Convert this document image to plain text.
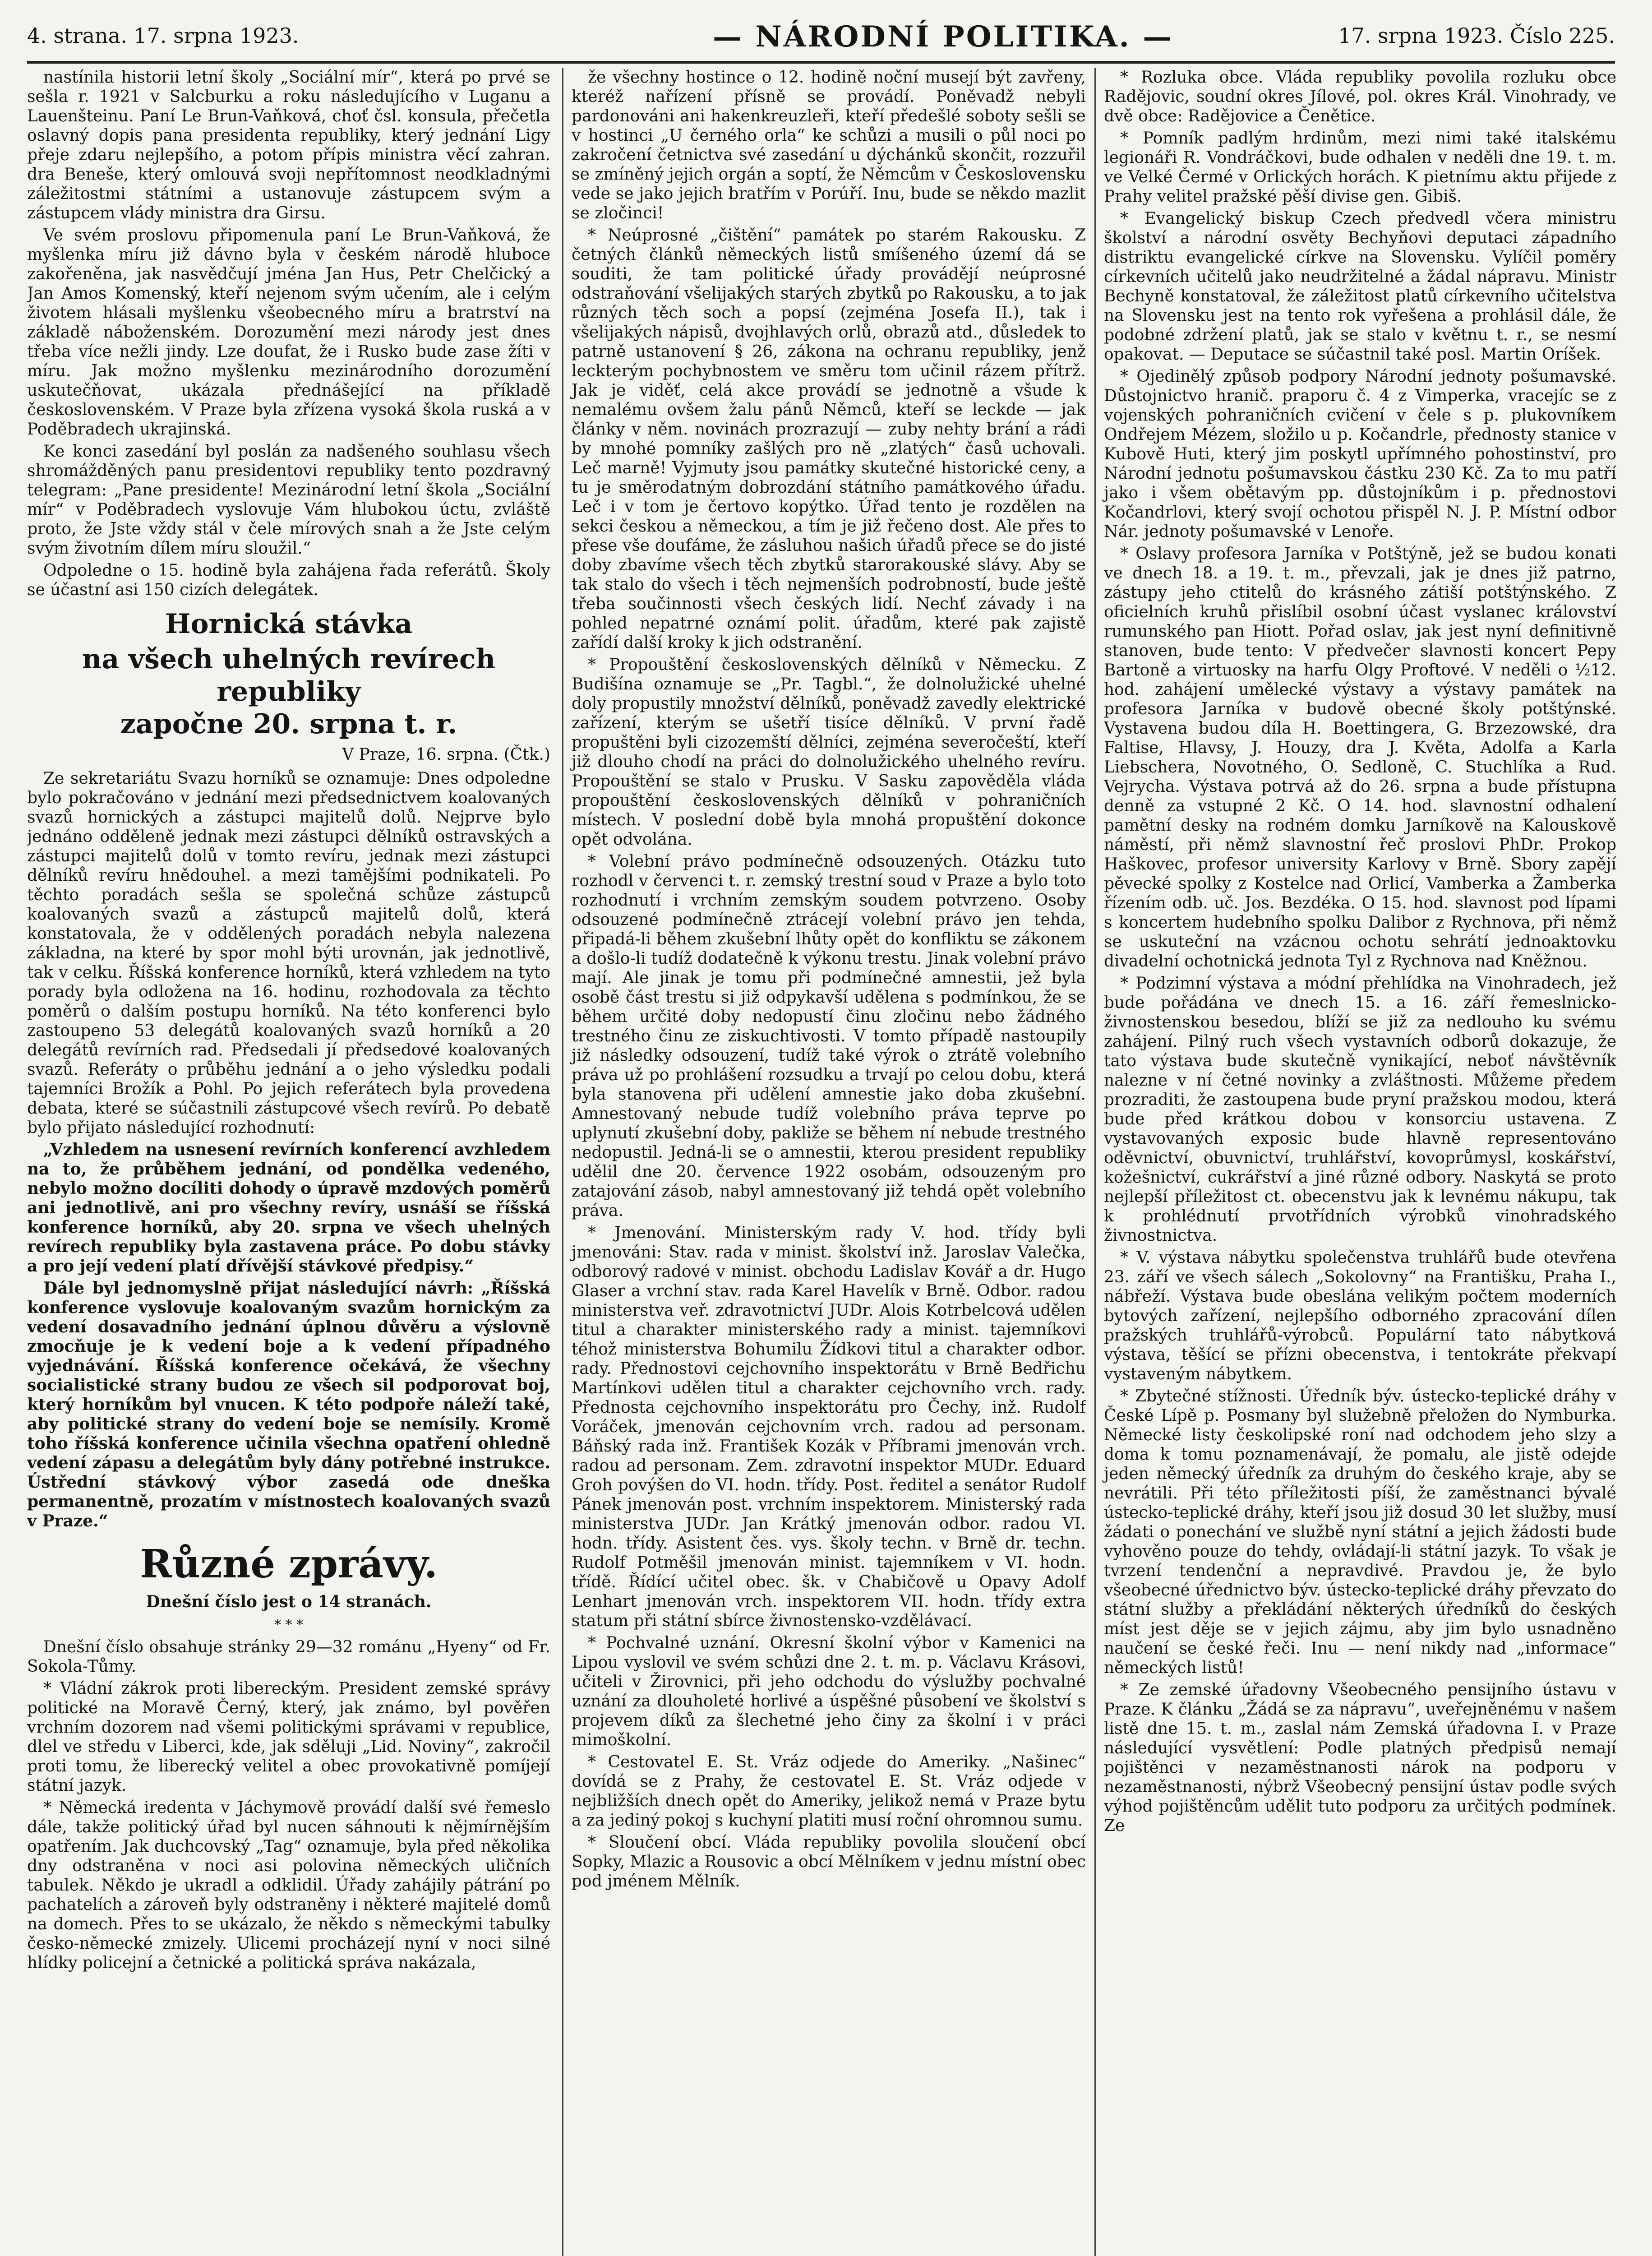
4. strana. 17. srpna 1923.	— NÁRODNÍ POLITIKA. —	17. srpna 1923. Číslo 225.

nastínila historii letní školy „Sociální mír“, která po prvé se sešla r. 1921 v Salcburku a roku následujícího v Luganu a Lauenšteinu. Paní Le Brun-Vaňková, choť čsl. konsula, přečetla oslavný dopis pana presidenta republiky, který jednání Ligy přeje zdaru nejlepšího, a potom přípis ministra věcí zahran. dra Beneše, který omlouvá svoji nepřítomnost neodkladnými záležitostmi státními a ustanovuje zástupcem svým a zástupcem vlády ministra dra Girsu.

Ve svém proslovu připomenula paní Le Brun-Vaňková, že myšlenka míru již dávno byla v českém národě hluboce zakořeněna, jak nasvědčují jména Jan Hus, Petr Chelčický a Jan Amos Komenský, kteří nejenom svým učením, ale i celým životem hlásali myšlenku všeobecného míru a bratrství na základě náboženském. Dorozumění mezi národy jest dnes třeba více nežli jindy. Lze doufat, že i Rusko bude zase žíti v míru. Jak možno myšlenku mezinárodního dorozumění uskutečňovat, ukázala přednášející na příkladě československém. V Praze byla zřízena vysoká škola ruská a v Poděbradech ukrajinská.

Ke konci zasedání byl poslán za nadšeného souhlasu všech shromážděných panu presidentovi republiky tento pozdravný telegram: „Pane presidente! Mezinárodní letní škola „Sociální mír“ v Poděbradech vyslovuje Vám hlubokou úctu, zvláště proto, že Jste vždy stál v čele mírových snah a že Jste celým svým životním dílem míru sloužil.“

Odpoledne o 15. hodině byla zahájena řada referátů. Školy se účastní asi 150 cizích delegátek.

Hornická stávka
na všech uhelných revírech republiky
započne 20. srpna t. r.
V Praze, 16. srpna. (Čtk.)

Ze sekretariátu Svazu horníků se oznamuje: Dnes odpoledne bylo pokračováno v jednání mezi předsednictvem koalovaných svazů hornických a zástupci majitelů dolů. Nejprve bylo jednáno odděleně jednak mezi zástupci dělníků ostravských a zástupci majitelů dolů v tomto revíru, jednak mezi zástupci dělníků revíru hnědouhel. a mezi tamějšími podnikateli. Po těchto poradách sešla se společná schůze zástupců koalovaných svazů a zástupců majitelů dolů, která konstatovala, že v oddělených poradách nebyla nalezena základna, na které by spor mohl býti urovnán, jak jednotlivě, tak v celku. Říšská konference horníků, která vzhledem na tyto porady byla odložena na 16. hodinu, rozhodovala za těchto poměrů o dalším postupu horníků. Na této konferenci bylo zastoupeno 53 delegátů koalovaných svazů horníků a 20 delegátů revírních rad. Předsedali jí předsedové koalovaných svazů. Referáty o průběhu jednání a o jeho výsledku podali tajemníci Brožík a Pohl. Po jejich referátech byla provedena debata, které se súčastnili zástupcové všech revírů. Po debatě bylo přijato následující rozhodnutí:

„Vzhledem na usnesení revírních konferencí avzhledem na to, že průběhem jednání, od pondělka vedeného, nebylo možno docíliti dohody o úpravě mzdových poměrů ani jednotlivě, ani pro všechny revíry, usnáší se říšská konference horníků, aby 20. srpna ve všech uhelných revírech republiky byla zastavena práce. Po dobu stávky a pro její vedení platí dřívější stávkové předpisy.“

Dále byl jednomyslně přijat následující návrh: „Říšská konference vyslovuje koalovaným svazům hornickým za vedení dosavadního jednání úplnou důvěru a výslovně zmocňuje je k vedení boje a k vedení případného vyjednávání. Říšská konference očekává, že všechny socialistické strany budou ze všech sil podporovat boj, který horníkům byl vnucen. K této podpoře náleží také, aby politické strany do vedení boje se nemísily. Kromě toho říšská konference učinila všechna opatření ohledně vedení zápasu a delegátům byly dány potřebné instrukce. Ústřední stávkový výbor zasedá ode dneška permanentně, prozatím v místnostech koalovaných svazů v Praze.“

Různé zprávy.
Dnešní číslo jest o 14 stranách.
* * *

Dnešní číslo obsahuje stránky 29—32 románu „Hyeny“ od Fr. Sokola-Tůmy.

* Vládní zákrok proti libereckým. President zemské správy politické na Moravě Černý, který, jak známo, byl pověřen vrchním dozorem nad všemi politickými správami v republice, dlel ve středu v Liberci, kde, jak sděluji „Lid. Noviny“, zakročil proti tomu, že liberecký velitel a obec provokativně pomíjejí státní jazyk.

* Německá iredenta v Jáchymově provádí další své řemeslo dále, takže politický úřad byl nucen sáhnouti k nějmírnějším opatřením. Jak duchcovský „Tag“ oznamuje, byla před několika dny odstraněna v noci asi polovina německých uličních tabulek. Někdo je ukradl a odklidil. Úřady zahájily pátrání po pachatelích a zároveň byly odstraněny i některé majitelé domů na domech. Přes to se ukázalo, že někdo s německými tabulky česko-německé zmizely. Ulicemi procházejí nyní v noci silné hlídky policejní a četnické a politická správa nakázala,

že všechny hostince o 12. hodině noční musejí být zavřeny, kteréž nařízení přísně se provádí. Poněvadž nebyli pardonováni ani hakenkreuzleři, kteří předešlé soboty sešli se v hostinci „U černého orla“ ke schůzi a musili o půl noci po zakročení četnictva své zasedání u dýchánků skončit, rozzuřil se zmíněný jejich orgán a soptí, že Němcům v Československu vede se jako jejich bratřím v Porúří. Inu, bude se někdo mazlit se zločinci!

* Neúprosné „čištění“ památek po starém Rakousku. Z četných článků německých listů smíšeného území dá se souditi, že tam politické úřady provádějí neúprosné odstraňování všelijakých starých zbytků po Rakousku, a to jak různých těch soch a popsí (zejména Josefa II.), tak i všelijakých nápisů, dvojhlavých orlů, obrazů atd., důsledek to patrně ustanovení § 26, zákona na ochranu republiky, jenž leckterým pochybnostem ve směru tom učinil rázem přítrž. Jak je viděť, celá akce provádí se jednotně a všude k nemalému ovšem žalu pánů Němců, kteří se leckde — jak články v něm. novinách prozrazují — zuby nehty brání a rádi by mnohé pomníky zašlých pro ně „zlatých“ časů uchovali. Leč marně! Vyjmuty jsou památky skutečné historické ceny, a tu je směrodatným dobrozdání státního památkového úřadu. Leč i v tom je čertovo kopýtko. Úřad tento je rozdělen na sekci českou a německou, a tím je již řečeno dost. Ale přes to přese vše doufáme, že zásluhou našich úřadů přece se do jisté doby zbavíme všech těch zbytků starorakouské slávy. Aby se tak stalo do všech i těch nejmenších podrobností, bude ještě třeba součinnosti všech českých lidí. Nechť závady i na pohled nepatrné oznámí polit. úřadům, které pak zajistě zařídí další kroky k jich odstranění.

* Propouštění československých dělníků v Německu. Z Budišína oznamuje se „Pr. Tagbl.“, že dolnolužické uhelné doly propustily množství dělníků, poněvadž zavedly elektrické zařízení, kterým se ušetří tisíce dělníků. V první řadě propuštěni byli cizozemští dělníci, zejména severočeští, kteří již dlouho chodí na práci do dolnolužického uhelného revíru. Propouštění se stalo v Prusku. V Sasku zapověděla vláda propouštění československých dělníků v pohraničních místech. V poslední době byla mnohá propuštění dokonce opět odvolána.

* Volební právo podmínečně odsouzených. Otázku tuto rozhodl v červenci t. r. zemský trestní soud v Praze a bylo toto rozhodnutí i vrchním zemským soudem potvrzeno. Osoby odsouzené podmínečně ztrácejí volební právo jen tehda, připadá-li během zkušební lhůty opět do konfliktu se zákonem a došlo-li tudíž dodatečně k výkonu trestu. Jinak volební právo mají. Ale jinak je tomu při podmínečné amnestii, jež byla osobě část trestu si již odpykavší udělena s podmínkou, že se během určité doby nedopustí činu zločinu nebo žádného trestného činu ze ziskuchtivosti. V tomto případě nastoupily již následky odsouzení, tudíž také výrok o ztrátě volebního práva už po prohlášení rozsudku a trvají po celou dobu, která byla stanovena při udělení amnestie jako doba zkušební. Amnestovaný nebude tudíž volebního práva teprve po uplynutí zkušební doby, pakliže se během ní nebude trestného nedopustil. Jedná-li se o amnestii, kterou president republiky udělil dne 20. července 1922 osobám, odsouzeným pro zatajování zásob, nabyl amnestovaný již tehdá opět volebního práva.

* Jmenování. Ministerským rady V. hod. třídy byli jmenováni: Stav. rada v minist. školství inž. Jaroslav Valečka, odborový radové v minist. obchodu Ladislav Kovář a dr. Hugo Glaser a vrchní stav. rada Karel Havelík v Brně. Odbor. radou ministerstva veř. zdravotnictví JUDr. Alois Kotrbelcová udělen titul a charakter ministerského rady a minist. tajemníkovi téhož ministerstva Bohumilu Žídkovi titul a charakter odbor. rady. Přednostovi cejchovního inspektorátu v Brně Bedřichu Martínkovi udělen titul a charakter cejchovního vrch. rady. Přednosta cejchovního inspektorátu pro Čechy, inž. Rudolf Voráček, jmenován cejchovním vrch. radou ad personam. Báňský rada inž. František Kozák v Příbrami jmenován vrch. radou ad personam. Zem. zdravotní inspektor MUDr. Eduard Groh povýšen do VI. hodn. třídy. Post. ředitel a senátor Rudolf Pánek jmenován post. vrchním inspektorem. Ministerský rada ministerstva JUDr. Jan Krátký jmenován odbor. radou VI. hodn. třídy. Asistent čes. vys. školy techn. v Brně dr. techn. Rudolf Potměšil jmenován minist. tajemníkem v VI. hodn. třídě. Řídící učitel obec. šk. v Chabičově u Opavy Adolf Lenhart jmenován vrch. inspektorem VII. hodn. třídy extra statum při státní sbírce živnostensko-vzdělávací.

* Pochvalné uznání. Okresní školní výbor v Kamenici na Lipou vyslovil ve svém schůzi dne 2. t. m. p. Václavu Krásovi, učiteli v Žirovnici, při jeho odchodu do výslužby pochvalné uznání za dlouholeté horlivé a úspěšné působení ve školství s projevem díků za šlechetné jeho činy za školní i v práci mimoškolní.

* Cestovatel E. St. Vráz odjede do Ameriky. „Našinec“ dovídá se z Prahy, že cestovatel E. St. Vráz odjede v nejbližších dnech opět do Ameriky, jelikož nemá v Praze bytu a za jediný pokoj s kuchyní platiti musí roční ohromnou sumu.

* Sloučení obcí. Vláda republiky povolila sloučení obcí Sopky, Mlazic a Rousovic a obcí Mělníkem v jednu místní obec pod jménem Mělník.

* Rozluka obce. Vláda republiky povolila rozluku obce Radějovic, soudní okres Jílové, pol. okres Král. Vinohrady, ve dvě obce: Radějovice a Čenětice.

* Pomník padlým hrdinům, mezi nimi také italskému legionáři R. Vondráčkovi, bude odhalen v neděli dne 19. t. m. ve Velké Čermé v Orlických horách. K pietnímu aktu přijede z Prahy velitel pražské pěší divise gen. Gibiš.

* Evangelický biskup Czech předvedl včera ministru školství a národní osvěty Bechyňovi deputaci západního distriktu evangelické církve na Slovensku. Vylíčil poměry církevních učitelů jako neudržitelné a žádal nápravu. Ministr Bechyně konstatoval, že záležitost platů církevního učitelstva na Slovensku jest na tento rok vyřešena a prohlásil dále, že podobné zdržení platů, jak se stalo v květnu t. r., se nesmí opakovat. — Deputace se súčastnil také posl. Martin Oríšek.

* Ojedinělý způsob podpory Národní jednoty pošumavské. Důstojnictvo hranič. praporu č. 4 z Vimperka, vracejíc se z vojenských pohraničních cvičení v čele s p. plukovníkem Ondřejem Mézem, složilo u p. Kočandrle, přednosty stanice v Kubově Huti, který jim poskytl upřímného pohostinství, pro Národní jednotu pošumavskou částku 230 Kč. Za to mu patří jako i všem obětavým pp. důstojníkům i p. přednostovi Kočandrlovi, který svojí ochotou přispěl N. J. P. Místní odbor Nár. jednoty pošumavské v Lenoře.

* Oslavy profesora Jarníka v Potštýně, jež se budou konati ve dnech 18. a 19. t. m., převzali, jak je dnes již patrno, zástupy jeho ctitelů do krásného zátiší potštýnského. Z oficielních kruhů přislíbil osobní účast vyslanec království rumunského pan Hiott. Pořad oslav, jak jest nyní definitivně stanoven, bude tento: V předvečer slavnosti koncert Pepy Bartoně a virtuosky na harfu Olgy Proftové. V neděli o ½12. hod. zahájení umělecké výstavy a výstavy památek na profesora Jarníka v budově obecné školy potštýnské. Vystavena budou díla H. Boettingera, G. Brzezowské, dra Faltise, Hlavsy, J. Houzy, dra J. Květa, Adolfa a Karla Liebschera, Novotného, O. Sedloně, C. Stuchlíka a Rud. Vejrycha. Výstava potrvá až do 26. srpna a bude přístupna denně za vstupné 2 Kč. O 14. hod. slavnostní odhalení pamětní desky na rodném domku Jarníkově na Kalouskově náměstí, při němž slavnostní řeč proslovi PhDr. Prokop Haškovec, profesor university Karlovy v Brně. Sbory zapějí pěvecké spolky z Kostelce nad Orlicí, Vamberka a Žamberka řízením odb. uč. Jos. Bezdéka. O 15. hod. slavnost pod lípami s koncertem hudebního spolku Dalibor z Rychnova, při němž se uskuteční na vzácnou ochotu sehrátí jednoaktovku divadelní ochotnická jednota Tyl z Rychnova nad Kněžnou.

* Podzimní výstava a módní přehlídka na Vinohradech, jež bude pořádána ve dnech 15. a 16. září řemeslnicko-živnostenskou besedou, blíží se již za nedlouho ku svému zahájení. Pilný ruch všech vystavních odborů dokazuje, že tato výstava bude skutečně vynikající, neboť návštěvník nalezne v ní četné novinky a zvláštnosti. Můžeme předem prozraditi, že zastoupena bude pryní pražskou modou, která bude před krátkou dobou v konsorciu ustavena. Z vystavovaných exposic bude hlavně representováno oděvnictví, obuvnictví, truhlářství, kovoprůmysl, koskářství, kožešnictví, cukrářství a jiné různé odbory. Naskytá se proto nejlepší příležitost ct. obecenstvu jak k levnému nákupu, tak k prohlédnutí prvotřídních výrobků vinohradského živnostnictva.

* V. výstava nábytku společenstva truhlářů bude otevřena 23. září ve všech sálech „Sokolovny“ na Františku, Praha I., nábřeží. Výstava bude obeslána velikým počtem moderních bytových zařízení, nejlepšího odborného zpracování dílen pražských truhlářů-výrobců. Populární tato nábytková výstava, těšící se přízni obecenstva, i tentokráte překvapí vystaveným nábytkem.

* Zbytečné stížnosti. Úředník býv. ústecko-teplické dráhy v České Lípě p. Posmany byl služebně přeložen do Nymburka. Německé listy českolipské roní nad odchodem jeho slzy a doma k tomu poznamenávají, že pomalu, ale jistě odejde jeden německý úředník za druhým do českého kraje, aby se nevrátili. Při této příležitosti píší, že zaměstnanci bývalé ústecko-teplické dráhy, kteří jsou již dosud 30 let služby, musí žádati o ponechání ve službě nyní státní a jejich žádosti bude vyhověno pouze do tehdy, ovládají-li státní jazyk. To však je tvrzení tendenční a nepravdivé. Pravdou je, že bylo všeobecné úřednictvo býv. ústecko-teplické dráhy převzato do státní služby a překládání některých úředníků do českých míst jest děje se v jejich zájmu, aby jim bylo usnadněno naučení se české řeči. Inu — není nikdy nad „informace“ německých listů!

* Ze zemské úřadovny Všeobecného pensijního ústavu v Praze. K článku „Žádá se za nápravu“, uveřejněnému v našem listě dne 15. t. m., zaslal nám Zemská úřadovna I. v Praze následující vysvětlení: Podle platných předpisů nemají pojištěnci v nezaměstnanosti nárok na podporu v nezaměstnanosti, nýbrž Všeobecný pensijní ústav podle svých výhod pojištěncům udělit tuto podporu za určitých podmínek. Ze
